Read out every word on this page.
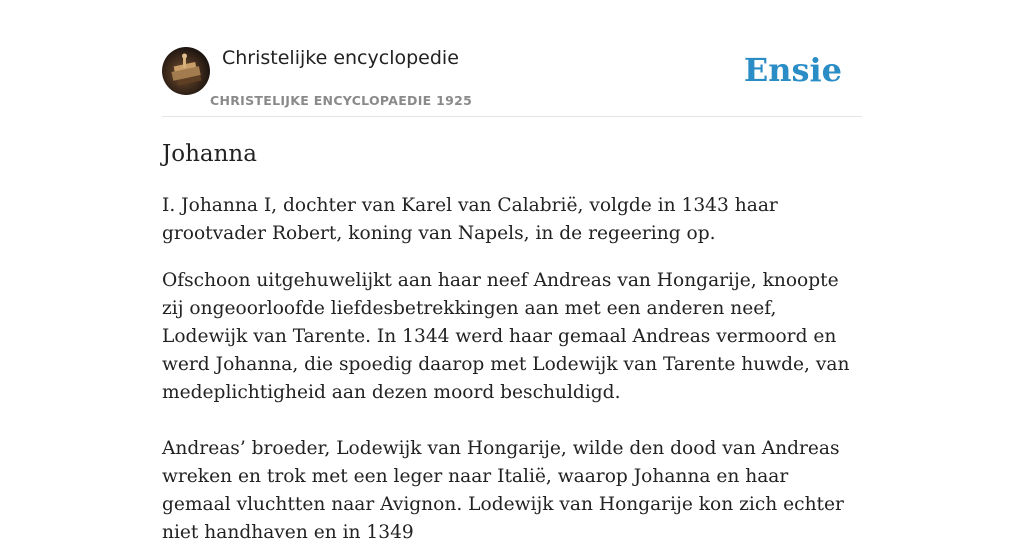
Christelijke encyclopedie
CHRISTELIJKE ENCYCLOPAEDIE 1925
Ensie
Johanna

I. Johanna I, dochter van Karel van Calabrië, volgde in 1343 haar grootvader Robert, koning van Napels, in de regeering op.

Ofschoon uitgehuwelijkt aan haar neef Andreas van Hongarije, knoopte zij ongeoorloofde liefdesbetrekkingen aan met een anderen neef, Lodewijk van Tarente. In 1344 werd haar gemaal Andreas vermoord en werd Johanna, die spoedig daarop met Lodewijk van Tarente huwde, van medeplichtigheid aan dezen moord beschuldigd.

Andreas’ broeder, Lodewijk van Hongarije, wilde den dood van Andreas wreken en trok met een leger naar Italië, waarop Johanna en haar gemaal vluchtten naar Avignon. Lodewijk van Hongarije kon zich echter niet handhaven en in 1349
